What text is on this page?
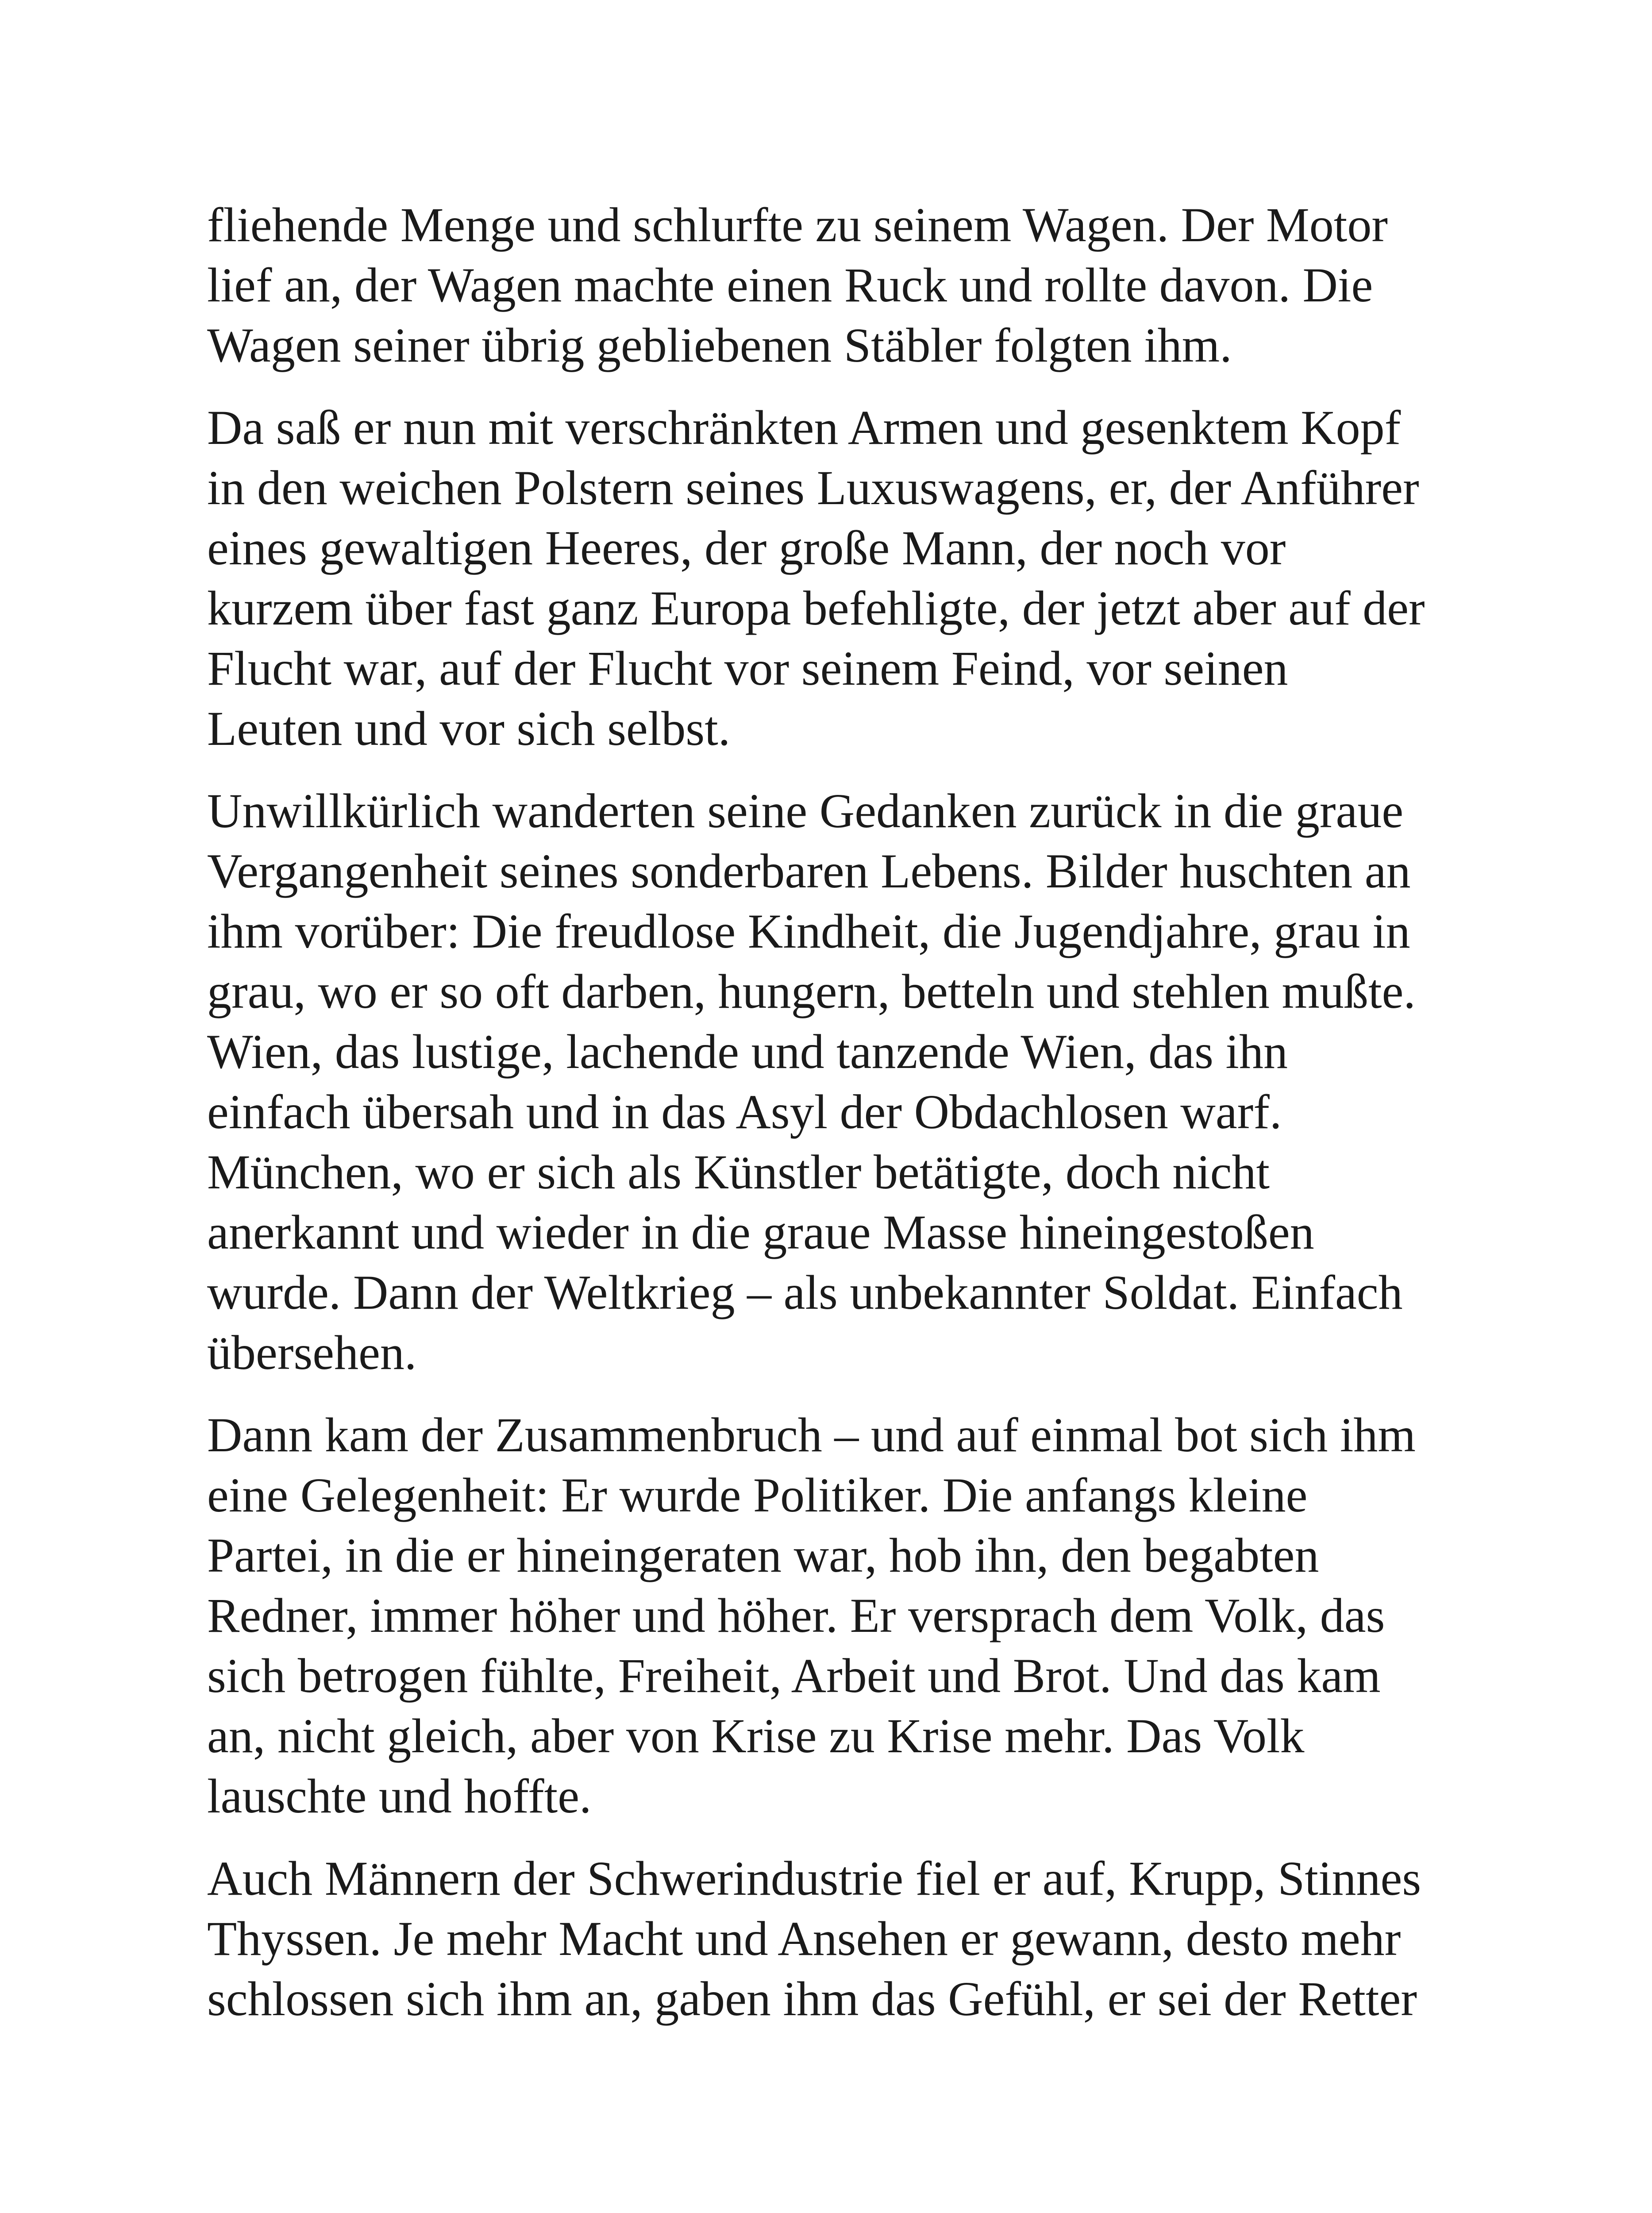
fliehende Menge und schlurfte zu seinem Wagen. Der Motor
lief an, der Wagen machte einen Ruck und rollte davon. Die
Wagen seiner übrig gebliebenen Stäbler folgten ihm.

Da saß er nun mit verschränkten Armen und gesenktem Kopf
in den weichen Polstern seines Luxuswagens, er, der Anführer
eines gewaltigen Heeres, der große Mann, der noch vor
kurzem über fast ganz Europa befehligte, der jetzt aber auf der
Flucht war, auf der Flucht vor seinem Feind, vor seinen
Leuten und vor sich selbst.

Unwillkürlich wanderten seine Gedanken zurück in die graue
Vergangenheit seines sonderbaren Lebens. Bilder huschten an
ihm vorüber: Die freudlose Kindheit, die Jugendjahre, grau in
grau, wo er so oft darben, hungern, betteln und stehlen mußte.
Wien, das lustige, lachende und tanzende Wien, das ihn
einfach übersah und in das Asyl der Obdachlosen warf.
München, wo er sich als Künstler betätigte, doch nicht
anerkannt und wieder in die graue Masse hineingestoßen
wurde. Dann der Weltkrieg – als unbekannter Soldat. Einfach
übersehen.

Dann kam der Zusammenbruch – und auf einmal bot sich ihm
eine Gelegenheit: Er wurde Politiker. Die anfangs kleine
Partei, in die er hineingeraten war, hob ihn, den begabten
Redner, immer höher und höher. Er versprach dem Volk, das
sich betrogen fühlte, Freiheit, Arbeit und Brot. Und das kam
an, nicht gleich, aber von Krise zu Krise mehr. Das Volk
lauschte und hoffte.

Auch Männern der Schwerindustrie fiel er auf, Krupp, Stinnes
Thyssen. Je mehr Macht und Ansehen er gewann, desto mehr
schlossen sich ihm an, gaben ihm das Gefühl, er sei der Retter
